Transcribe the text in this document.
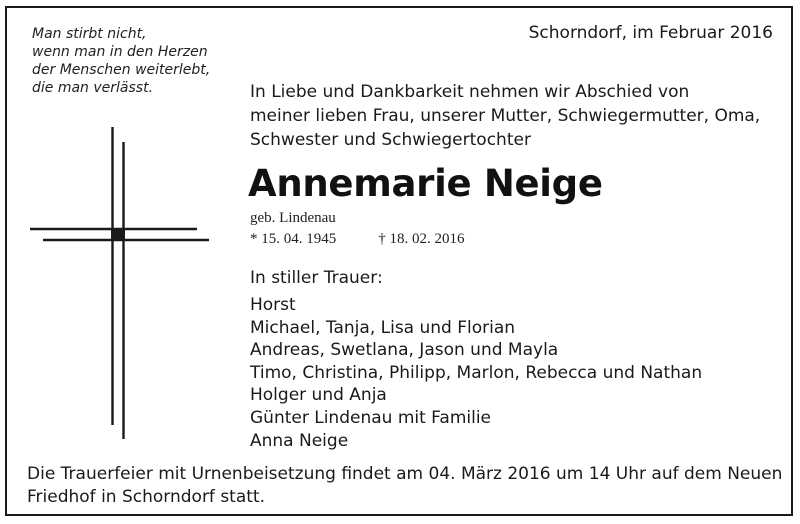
Man stirbt nicht,
wenn man in den Herzen
der Menschen weiterlebt,
die man verlässt.
Schorndorf, im Februar 2016
In Liebe und Dankbarkeit nehmen wir Abschied von
meiner lieben Frau, unserer Mutter, Schwiegermutter, Oma,
Schwester und Schwiegertochter
Annemarie Neige
geb. Lindenau
* 15. 04. 1945	† 18. 02. 2016
In stiller Trauer:
Horst
Michael, Tanja, Lisa und Florian
Andreas, Swetlana, Jason und Mayla
Timo, Christina, Philipp, Marlon, Rebecca und Nathan
Holger und Anja
Günter Lindenau mit Familie
Anna Neige
Die Trauerfeier mit Urnenbeisetzung findet am 04. März 2016 um 14 Uhr auf dem Neuen
Friedhof in Schorndorf statt.
